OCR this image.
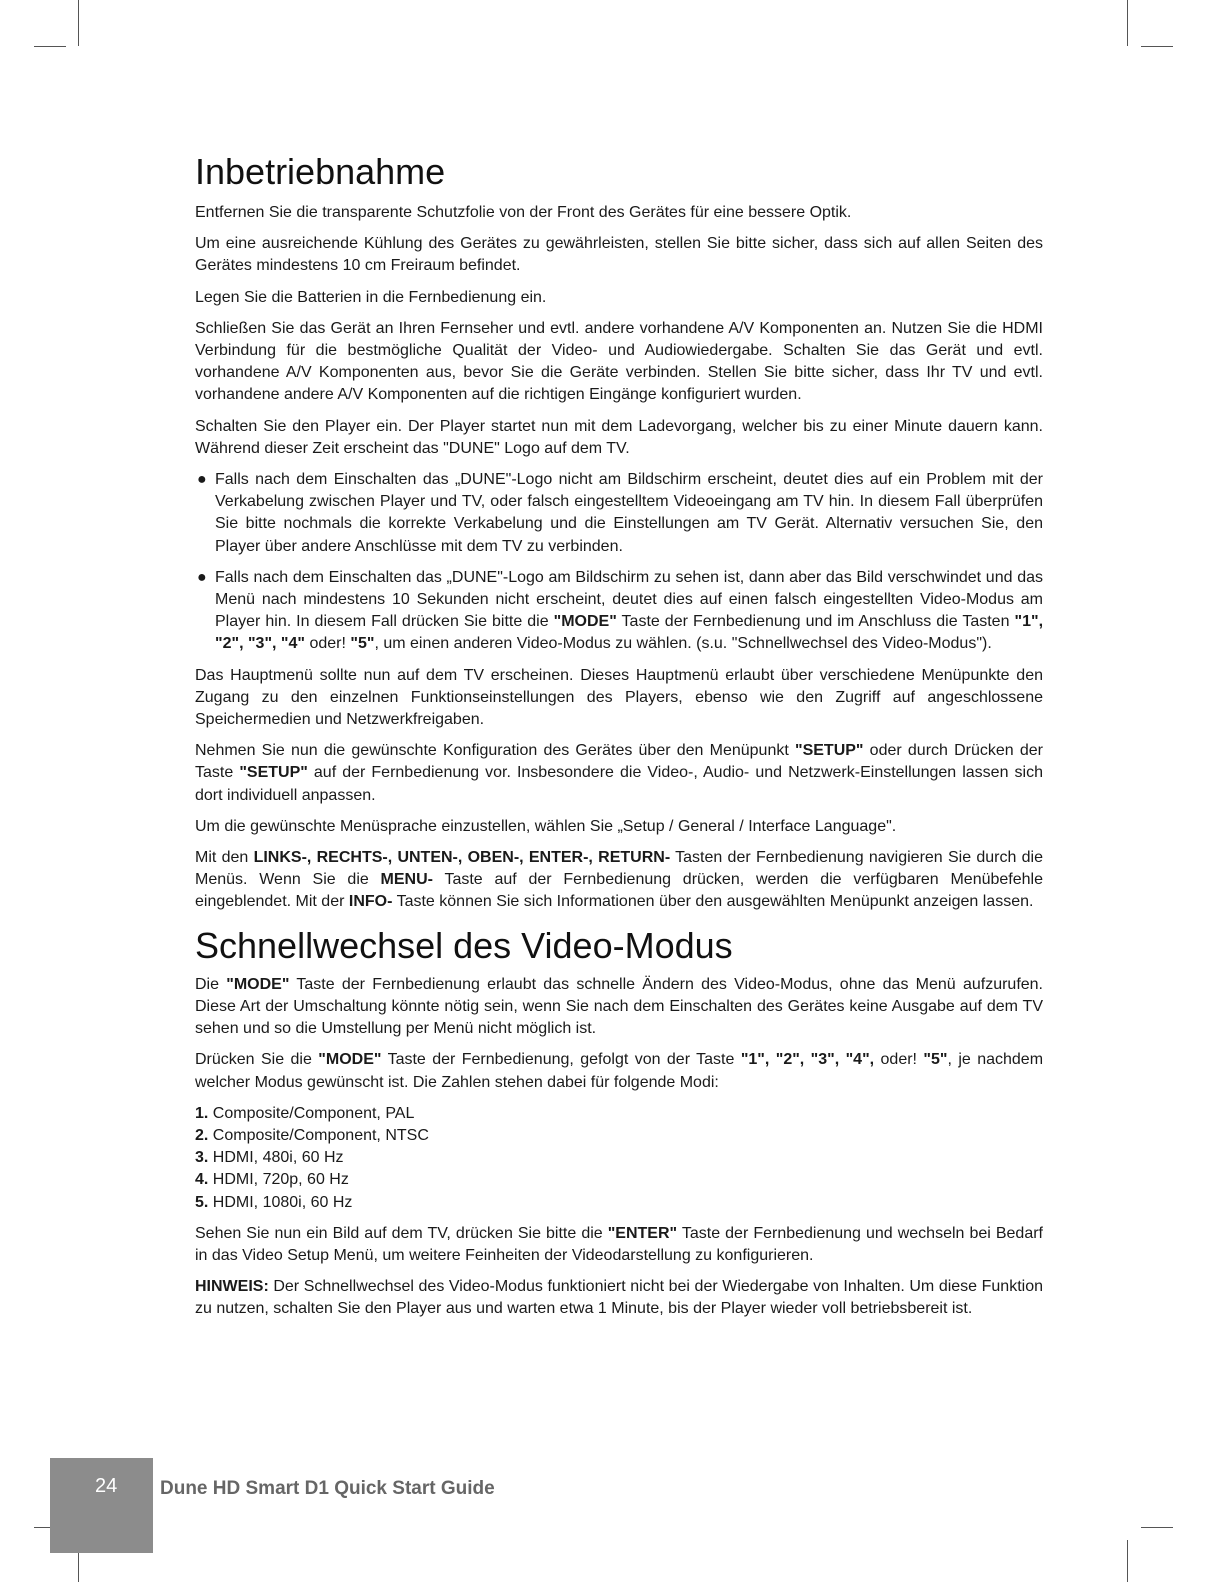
Inbetriebnahme

Entfernen Sie die transparente Schutzfolie von der Front des Gerätes für eine bessere Optik.

Um eine ausreichende Kühlung des Gerätes zu gewährleisten, stellen Sie bitte sicher, dass sich auf allen Seiten des Gerätes mindestens 10 cm Freiraum befindet.

Legen Sie die Batterien in die Fernbedienung ein.

Schließen Sie das Gerät an Ihren Fernseher und evtl. andere vorhandene A/V Komponenten an. Nutzen Sie die HDMI Verbindung für die bestmögliche Qualität der Video- und Audiowiedergabe. Schalten Sie das Gerät und evtl. vorhandene A/V Komponenten aus, bevor Sie die Geräte verbinden. Stellen Sie bitte sicher, dass Ihr TV und evtl. vorhandene andere A/V Komponenten auf die richtigen Eingänge konfiguriert wurden.

Schalten Sie den Player ein. Der Player startet nun mit dem Ladevorgang, welcher bis zu einer Minute dauern kann. Während dieser Zeit erscheint das "DUNE" Logo auf dem TV.

● Falls nach dem Einschalten das „DUNE"-Logo nicht am Bildschirm erscheint, deutet dies auf ein Problem mit der Verkabelung zwischen Player und TV, oder falsch eingestelltem Videoeingang am TV hin. In diesem Fall überprüfen Sie bitte nochmals die korrekte Verkabelung und die Einstellungen am TV Gerät. Alternativ versuchen Sie, den Player über andere Anschlüsse mit dem TV zu verbinden.
● Falls nach dem Einschalten das „DUNE"-Logo am Bildschirm zu sehen ist, dann aber das Bild verschwindet und das Menü nach mindestens 10 Sekunden nicht erscheint, deutet dies auf einen falsch eingestellten Video-Modus am Player hin. In diesem Fall drücken Sie bitte die "MODE" Taste der Fernbedienung und im Anschluss die Tasten "1", "2", "3", "4" oder! "5", um einen anderen Video-Modus zu wählen. (s.u. "Schnellwechsel des Video-Modus").

Das Hauptmenü sollte nun auf dem TV erscheinen. Dieses Hauptmenü erlaubt über verschiedene Menüpunkte den Zugang zu den einzelnen Funktionseinstellungen des Players, ebenso wie den Zugriff auf angeschlossene Speichermedien und Netzwerkfreigaben.

Nehmen Sie nun die gewünschte Konfiguration des Gerätes über den Menüpunkt "SETUP" oder durch Drücken der Taste "SETUP" auf der Fernbedienung vor. Insbesondere die Video-, Audio- und Netzwerk-Einstellungen lassen sich dort individuell anpassen.

Um die gewünschte Menüsprache einzustellen, wählen Sie „Setup / General / Interface Language".

Mit den LINKS-, RECHTS-, UNTEN-, OBEN-, ENTER-, RETURN- Tasten der Fernbedienung navigieren Sie durch die Menüs. Wenn Sie die MENU- Taste auf der Fernbedienung drücken, werden die verfügbaren Menübefehle eingeblendet. Mit der INFO- Taste können Sie sich Informationen über den ausgewählten Menüpunkt anzeigen lassen.

Schnellwechsel des Video-Modus

Die "MODE" Taste der Fernbedienung erlaubt das schnelle Ändern des Video-Modus, ohne das Menü aufzurufen. Diese Art der Umschaltung könnte nötig sein, wenn Sie nach dem Einschalten des Gerätes keine Ausgabe auf dem TV sehen und so die Umstellung per Menü nicht möglich ist.

Drücken Sie die "MODE" Taste der Fernbedienung, gefolgt von der Taste "1", "2", "3", "4", oder! "5", je nachdem welcher Modus gewünscht ist. Die Zahlen stehen dabei für folgende Modi:

1. Composite/Component, PAL
2. Composite/Component, NTSC
3. HDMI, 480i, 60 Hz
4. HDMI, 720p, 60 Hz
5. HDMI, 1080i, 60 Hz

Sehen Sie nun ein Bild auf dem TV, drücken Sie bitte die "ENTER" Taste der Fernbedienung und wechseln bei Bedarf in das Video Setup Menü, um weitere Feinheiten der Videodarstellung zu konfigurieren.

HINWEIS: Der Schnellwechsel des Video-Modus funktioniert nicht bei der Wiedergabe von Inhalten. Um diese Funktion zu nutzen, schalten Sie den Player aus und warten etwa 1 Minute, bis der Player wieder voll betriebsbereit ist.

24 Dune HD Smart D1 Quick Start Guide
